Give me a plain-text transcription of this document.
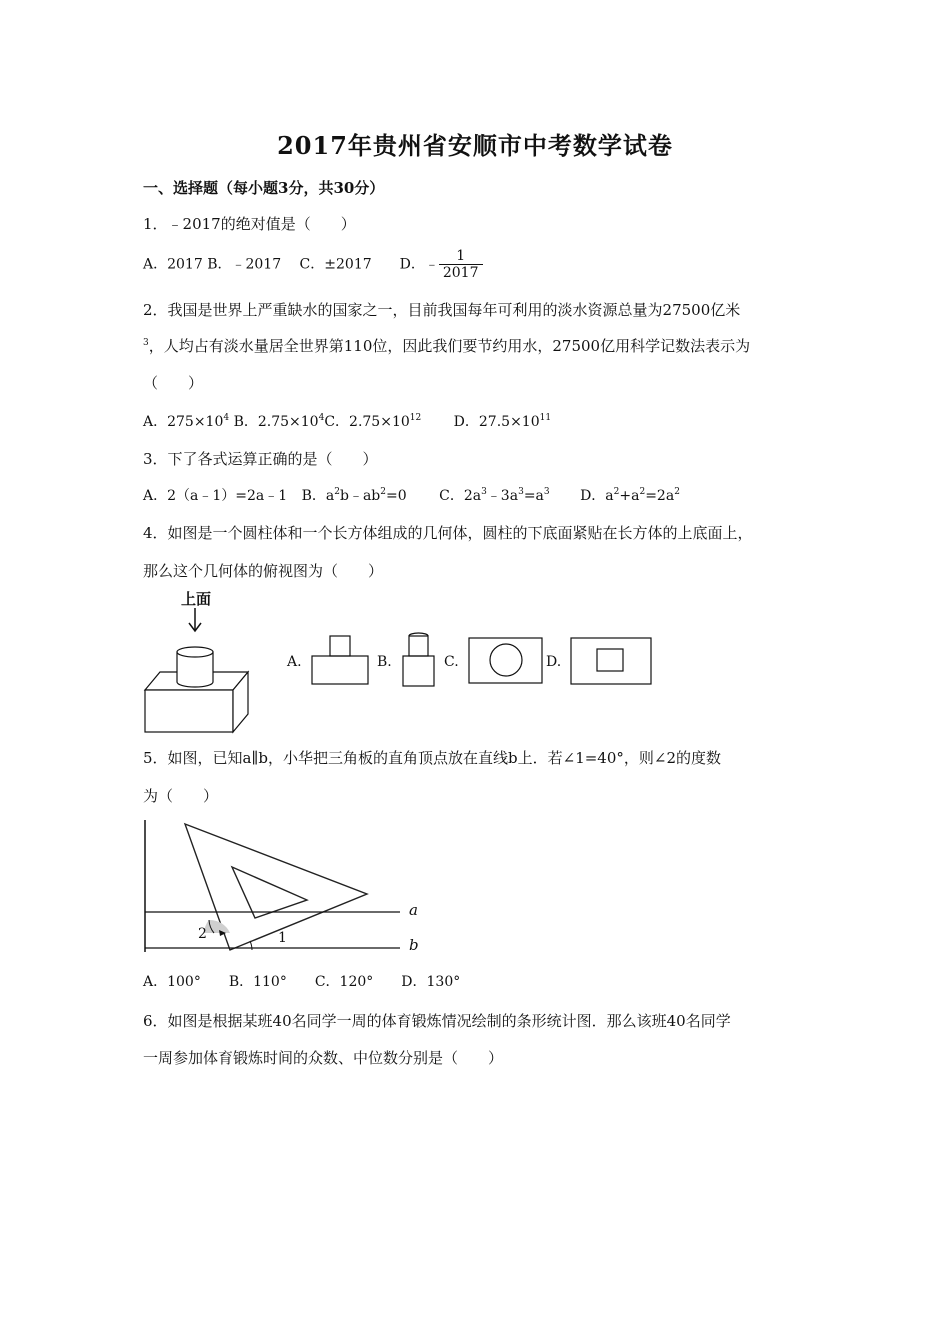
2017年贵州省安顺市中考数学试卷
一、选择题（每小题3分，共30分）
1．﹣2017的绝对值是（　　）
A．2017 B．﹣2017　 C．±2017　　D．﹣ $\frac{1}{2017}$
2．我国是世界上严重缺水的国家之一，目前我国每年可利用的淡水资源总量为27500亿米
$^3$，人均占有淡水量居全世界第110位，因此我们要节约用水，27500亿用科学记数法表示为
（　　）
A．$275\times 10^4$ B．$2.75\times 10^4C$．$2.75\times 10^{12}$ D．$27.5\times 10^{11}$
3．下了各式运算正确的是（　　）
A．2（a﹣1）=2a﹣1 B．$a^2b﹣ab^2=0$ C．$2a^3﹣3a^3=a^3$ D．$a^2+a^2=2a^2$
4．如图是一个圆柱体和一个长方体组成的几何体，圆柱的下底面紧贴在长方体的上底面上，
那么这个几何体的俯视图为（　　）
上面
A.	B.	C.	D.
5．如图，已知a∥b，小华把三角板的直角顶点放在直线b上．若∠1=40°，则∠2的度数
为（　　）
a
b
1
2
A．100°　　B．110°　　C．120°　　D．130°
6．如图是根据某班40名同学一周的体育锻炼情况绘制的条形统计图．那么该班40名同学
一周参加体育锻炼时间的众数、中位数分别是（　　）
